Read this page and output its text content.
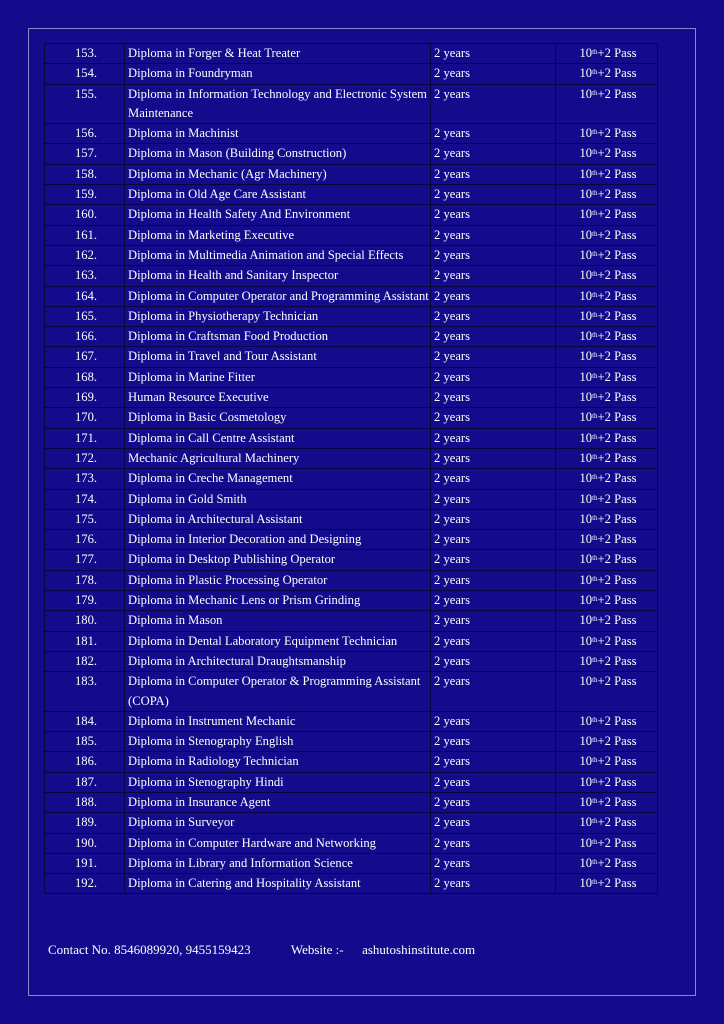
153.	Diploma in Forger & Heat Treater	2 years	10th+2 Pass
154.	Diploma in Foundryman	2 years	10th+2 Pass
155.	Diploma in Information Technology and Electronic System Maintenance	2 years	10th+2 Pass
156.	Diploma in Machinist	2 years	10th+2 Pass
157.	Diploma in Mason (Building Construction)	2 years	10th+2 Pass
158.	Diploma in Mechanic (Agr Machinery)	2 years	10th+2 Pass
159.	Diploma in Old Age Care Assistant	2 years	10th+2 Pass
160.	Diploma in Health Safety And Environment	2 years	10th+2 Pass
161.	Diploma in Marketing Executive	2 years	10th+2 Pass
162.	Diploma in Multimedia Animation and Special Effects	2 years	10th+2 Pass
163.	Diploma in Health and Sanitary Inspector	2 years	10th+2 Pass
164.	Diploma in Computer Operator and Programming Assistant	2 years	10th+2 Pass
165.	Diploma in Physiotherapy Technician	2 years	10th+2 Pass
166.	Diploma in Craftsman Food Production	2 years	10th+2 Pass
167.	Diploma in Travel and Tour Assistant	2 years	10th+2 Pass
168.	Diploma in Marine Fitter	2 years	10th+2 Pass
169.	Human Resource Executive	2 years	10th+2 Pass
170.	Diploma in Basic Cosmetology	2 years	10th+2 Pass
171.	Diploma in Call Centre Assistant	2 years	10th+2 Pass
172.	Mechanic Agricultural Machinery	2 years	10th+2 Pass
173.	Diploma in Creche Management	2 years	10th+2 Pass
174.	Diploma in Gold Smith	2 years	10th+2 Pass
175.	Diploma in Architectural Assistant	2 years	10th+2 Pass
176.	Diploma in Interior Decoration and Designing	2 years	10th+2 Pass
177.	Diploma in Desktop Publishing Operator	2 years	10th+2 Pass
178.	Diploma in Plastic Processing Operator	2 years	10th+2 Pass
179.	Diploma in Mechanic Lens or Prism Grinding	2 years	10th+2 Pass
180.	Diploma in Mason	2 years	10th+2 Pass
181.	Diploma in Dental Laboratory Equipment Technician	2 years	10th+2 Pass
182.	Diploma in Architectural Draughtsmanship	2 years	10th+2 Pass
183.	Diploma in Computer Operator & Programming Assistant (COPA)	2 years	10th+2 Pass
184.	Diploma in Instrument Mechanic	2 years	10th+2 Pass
185.	Diploma in Stenography English	2 years	10th+2 Pass
186.	Diploma in Radiology Technician	2 years	10th+2 Pass
187.	Diploma in Stenography Hindi	2 years	10th+2 Pass
188.	Diploma in Insurance Agent	2 years	10th+2 Pass
189.	Diploma in Surveyor	2 years	10th+2 Pass
190.	Diploma in Computer Hardware and Networking	2 years	10th+2 Pass
191.	Diploma in Library and Information Science	2 years	10th+2 Pass
192.	Diploma in Catering and Hospitality Assistant	2 years	10th+2 Pass
Contact No. 8546089920, 9455159423	Website :- ashutoshinstitute.com
